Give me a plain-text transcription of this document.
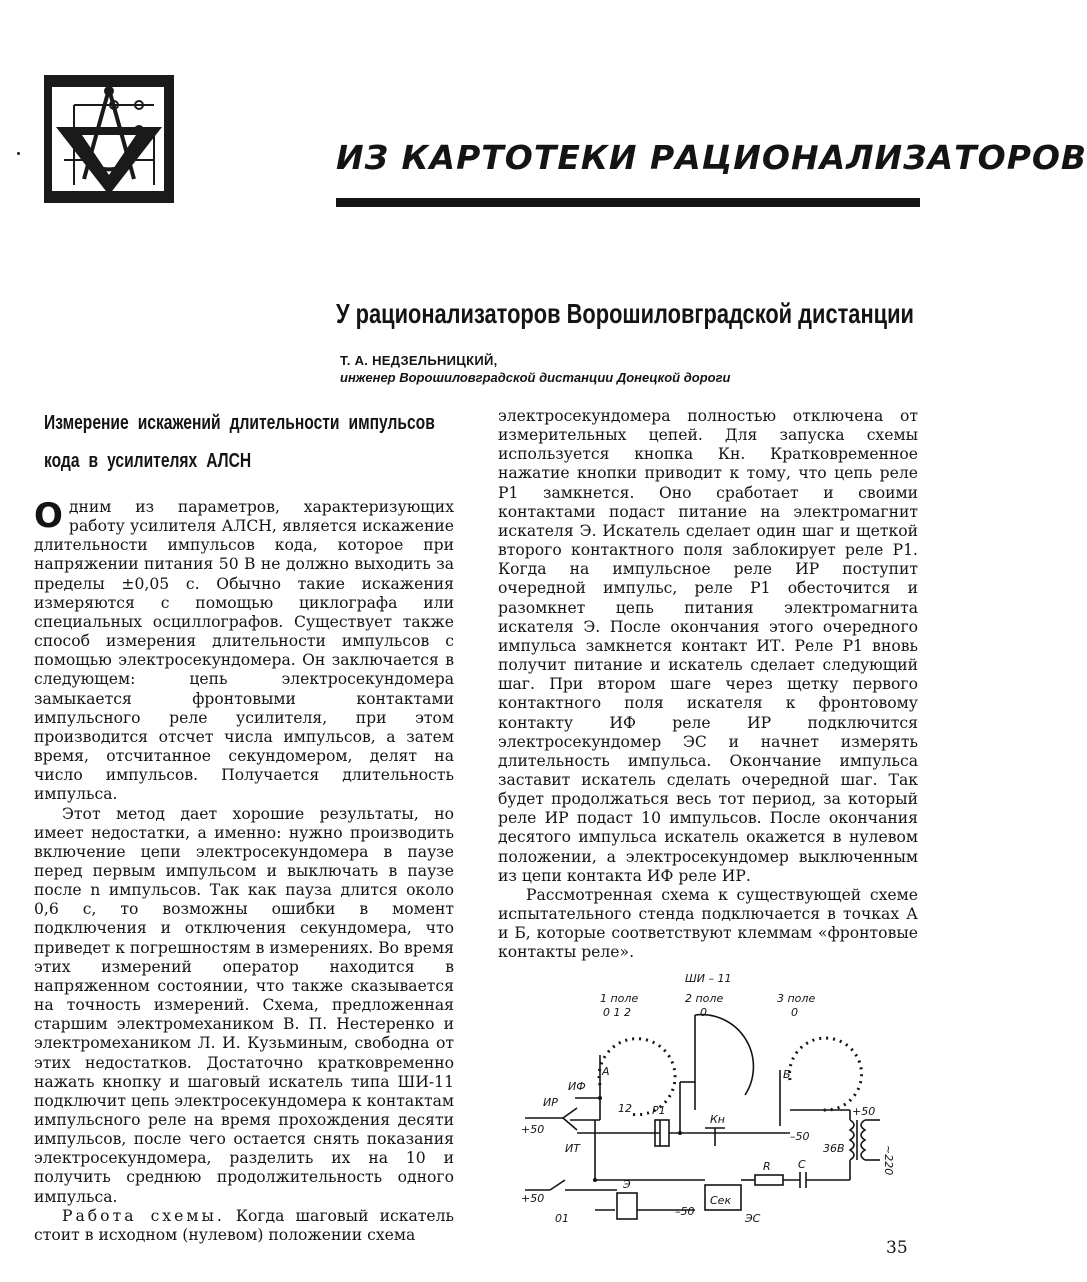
ИЗ КАРТОТЕКИ РАЦИОНАЛИЗАТОРОВ
У рационализаторов Ворошиловградской дистанции
Т. А. НЕДЗЕЛЬНИЦКИЙ,
инженер Ворошиловградской дистанции Донецкой дороги
Измерение искажений длительности импульсов
кода в усилителях АЛСН

Одним из параметров, характеризующих работу усилителя АЛСН, является искажение длительности импульсов кода, которое при напряжении питания 50 В не должно выходить за пределы ±0,05 с. Обычно такие искажения измеряются с помощью циклографа или специальных осциллографов. Существует также способ измерения длительности импульсов с помощью электросекундомера. Он заключается в следующем: цепь электросекундомера замыкается фронтовыми контактами импульсного реле усилителя, при этом производится отсчет числа импульсов, а затем время, отсчитанное секундомером, делят на число импульсов. Получается длительность импульса.

Этот метод дает хорошие результаты, но имеет недостатки, а именно: нужно производить включение цепи электросекундомера в паузе перед первым импульсом и выключать в паузе после n импульсов. Так как пауза длится около 0,6 с, то возможны ошибки в момент подключения и отключения секундомера, что приведет к погрешностям в измерениях. Во время этих измерений оператор находится в напряженном состоянии, что также сказывается на точность измерений. Схема, предложенная старшим электромехаником В. П. Нестеренко и электромехаником Л. И. Кузьминым, свободна от этих недостатков. Достаточно кратковременно нажать кнопку и шаговый искатель типа ШИ-11 подключит цепь электросекундомера к контактам импульсного реле на время прохождения десяти импульсов, после чего остается снять показания электросекундомера, разделить их на 10 и получить среднюю продолжительность одного импульса.

Работа схемы. Когда шаговый искатель стоит в исходном (нулевом) положении схема

электросекундомера полностью отключена от измерительных цепей. Для запуска схемы используется кнопка Кн. Кратковременное нажатие кнопки приводит к тому, что цепь реле Р1 замкнется. Оно сработает и своими контактами подаст питание на электромагнит искателя Э. Искатель сделает один шаг и щеткой второго контактного поля заблокирует реле Р1. Когда на импульсное реле ИР поступит очередной импульс, реле Р1 обесточится и разомкнет цепь питания электромагнита искателя Э. После окончания этого очередного импульса замкнется контакт ИТ. Реле Р1 вновь получит питание и искатель сделает следующий шаг. При втором шаге через щетку первого контактного поля искателя к фронтовому контакту ИФ реле ИР подключится электросекундомер ЭС и начнет измерять длительность импульса. Окончание импульса заставит искатель сделать очередной шаг. Так будет продолжаться весь тот период, за который реле ИР подаст 10 импульсов. После окончания десятого импульса искатель окажется в нулевом положении, а электросекундомер выключенным из цепи контакта ИФ реле ИР.

Рассмотренная схема к существующей схеме испытательного стенда подключается в точках А и Б, которые соответствуют клеммам «фронтовые контакты реле».

ШИ – 11
1 поле	2 поле	3 поле
0 1 2	0	0
А	Б
12
ИФ
ИР
+50
ИТ
Р1
Кн
+50
–50
36В	~220
R C
Э
+50
01
–50
Сек
ЭС
35
